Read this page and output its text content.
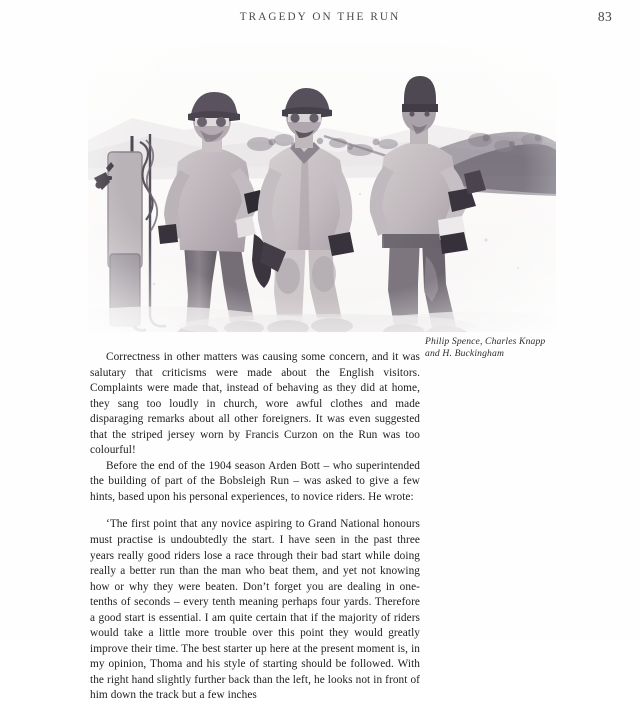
TRAGEDY ON THE RUN	83
Philip Spence, Charles Knapp
and H. Buckingham

Correctness in other matters was causing some concern, and it was salutary that criticisms were made about the English visitors. Complaints were made that, instead of behaving as they did at home, they sang too loudly in church, wore awful clothes and made disparaging remarks about all other foreigners. It was even suggested that the striped jersey worn by Francis Curzon on the Run was too colourful!

Before the end of the 1904 season Arden Bott – who superintended the building of part of the Bobsleigh Run – was asked to give a few hints, based upon his personal experiences, to novice riders. He wrote:

‘The first point that any novice aspiring to Grand National honours must practise is undoubtedly the start. I have seen in the past three years really good riders lose a race through their bad start while doing really a better run than the man who beat them, and yet not knowing how or why they were beaten. Don’t forget you are dealing in one-tenths of seconds – every tenth meaning perhaps four yards. Therefore a good start is essential. I am quite certain that if the majority of riders would take a little more trouble over this point they would greatly improve their time. The best starter up here at the present moment is, in my opinion, Thoma and his style of starting should be followed. With the right hand slightly further back than the left, he looks not in front of him down the track but a few inches
